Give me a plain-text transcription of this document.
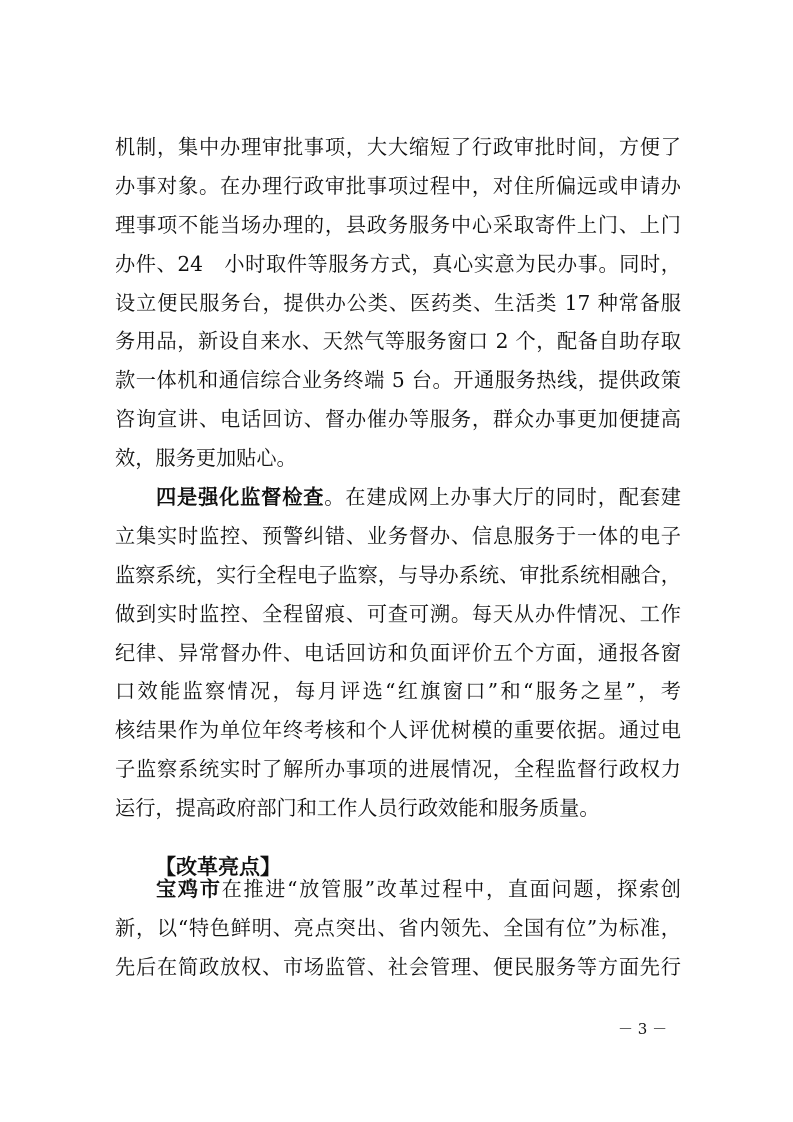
机制，集中办理审批事项，大大缩短了行政审批时间，方便了
办事对象。在办理行政审批事项过程中，对住所偏远或申请办
理事项不能当场办理的，县政务服务中心采取寄件上门、上门
办件、24　小时取件等服务方式，真心实意为民办事。同时，
设立便民服务台，提供办公类、医药类、生活类 17 种常备服
务用品，新设自来水、天然气等服务窗口 2 个，配备自助存取
款一体机和通信综合业务终端 5 台。开通服务热线，提供政策
咨询宣讲、电话回访、督办催办等服务，群众办事更加便捷高
效，服务更加贴心。
四是强化监督检查。在建成网上办事大厅的同时，配套建
立集实时监控、预警纠错、业务督办、信息服务于一体的电子
监察系统，实行全程电子监察，与导办系统、审批系统相融合，
做到实时监控、全程留痕、可查可溯。每天从办件情况、工作
纪律、异常督办件、电话回访和负面评价五个方面，通报各窗
口效能监察情况，每月评选“红旗窗口”和“服务之星”，考
核结果作为单位年终考核和个人评优树模的重要依据。通过电
子监察系统实时了解所办事项的进展情况，全程监督行政权力
运行，提高政府部门和工作人员行政效能和服务质量。
【改革亮点】
宝鸡市在推进“放管服”改革过程中，直面问题，探索创
新，以“特色鲜明、亮点突出、省内领先、全国有位”为标准，
先后在简政放权、市场监管、社会管理、便民服务等方面先行
－ 3 －
